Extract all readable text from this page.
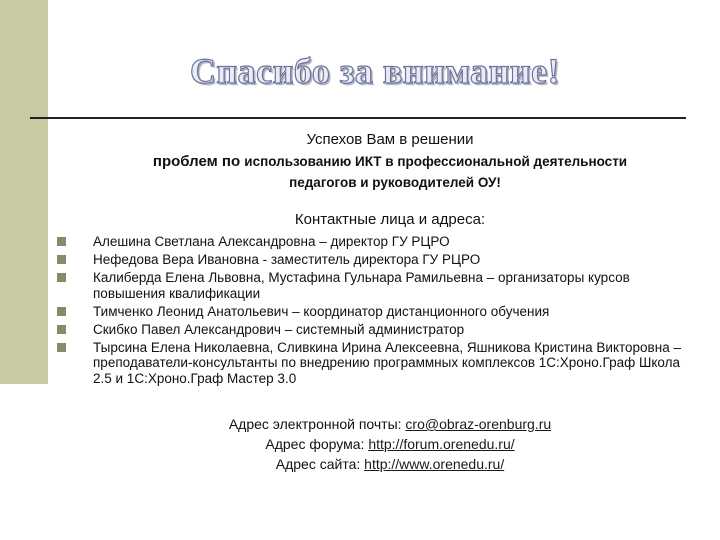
Спасибо за внимание!
Успехов Вам в решении
проблем по использованию ИКТ в профессиональной деятельности
педагогов и руководителей ОУ!
Контактные лица и адреса:
Алешина Светлана Александровна – директор ГУ РЦРО
Нефедова Вера Ивановна - заместитель директора ГУ РЦРО
Калиберда Елена Львовна, Мустафина Гульнара Рамильевна – организаторы курсов повышения квалификации
Тимченко Леонид Анатольевич – координатор дистанционного обучения
Скибко Павел Александрович – системный администратор
Тырсина Елена Николаевна, Сливкина Ирина Алексеевна, Яшникова Кристина Викторовна – преподаватели-консультанты по внедрению программных комплексов 1С:Хроно.Граф Школа 2.5 и 1С:Хроно.Граф Мастер 3.0
Адрес электронной почты: cro@obraz-orenburg.ru
Адрес форума: http://forum.orenedu.ru/
Адрес сайта: http://www.orenedu.ru/
